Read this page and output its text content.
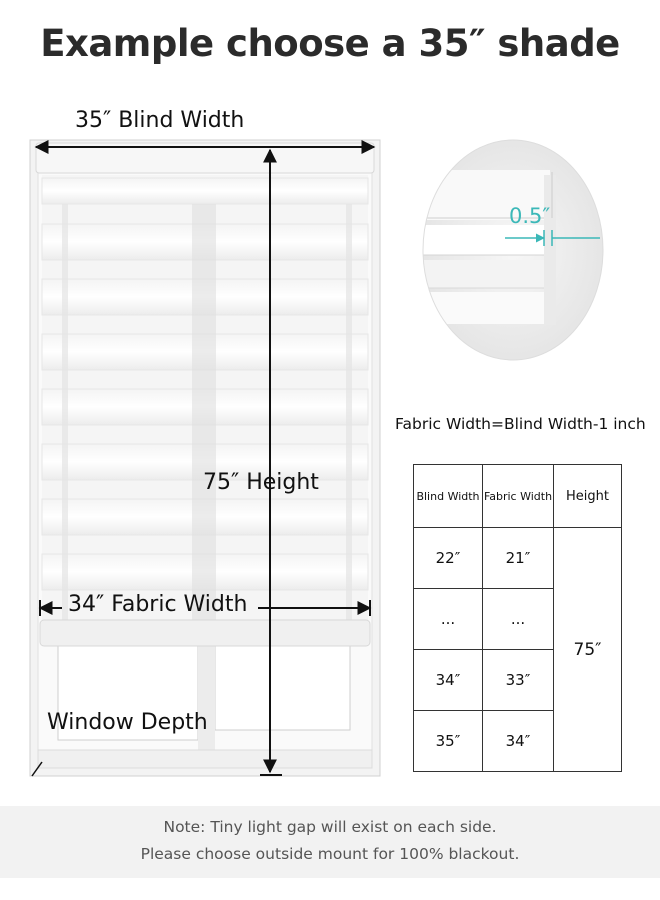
Example choose a 35″ shade
0.5″
35″ Blind Width
75″ Height
34″ Fabric Width
Window Depth
Fabric Width=Blind Width-1 inch
Blind Width	Fabric Width	Height
22″	21″	75″
...	...	
34″	33″	
35″	34″	
Note: Tiny light gap will exist on each side.
Please choose outside mount for 100% blackout.
